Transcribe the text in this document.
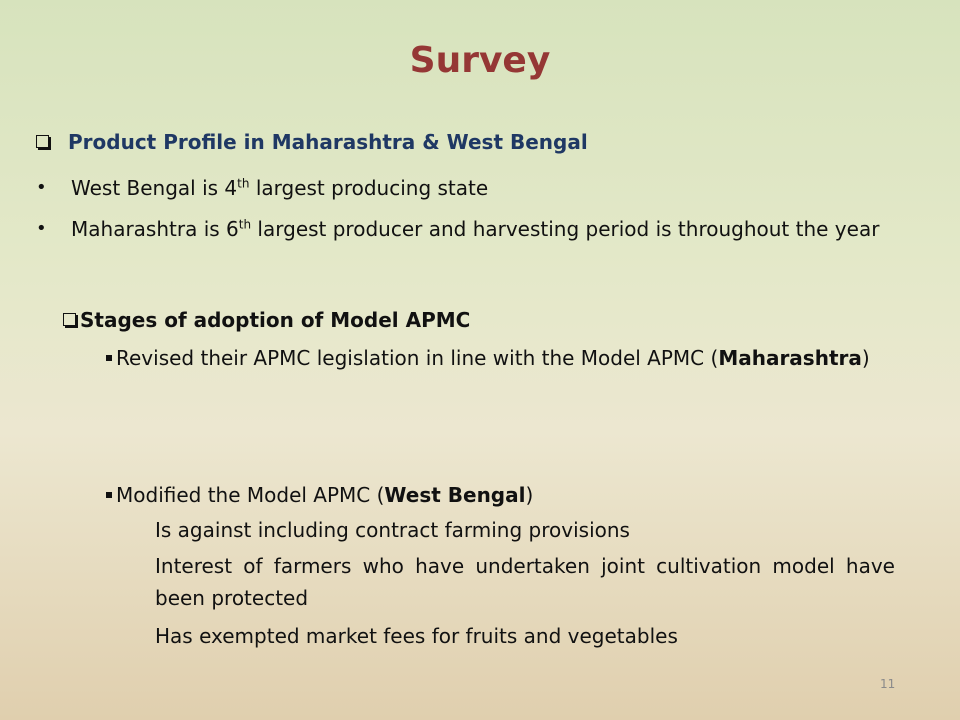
Survey
Product Profile in Maharashtra & West Bengal
• West Bengal is 4th largest producing state
• Maharashtra is 6th largest producer and harvesting period is throughout the year
Stages of adoption of Model APMC
Revised their APMC legislation in line with the Model APMC (Maharashtra)
Modified the Model APMC (West Bengal)
Is against including contract farming provisions
Interest of farmers who have undertaken joint cultivation model have been protected
Has exempted market fees for fruits and vegetables
11
